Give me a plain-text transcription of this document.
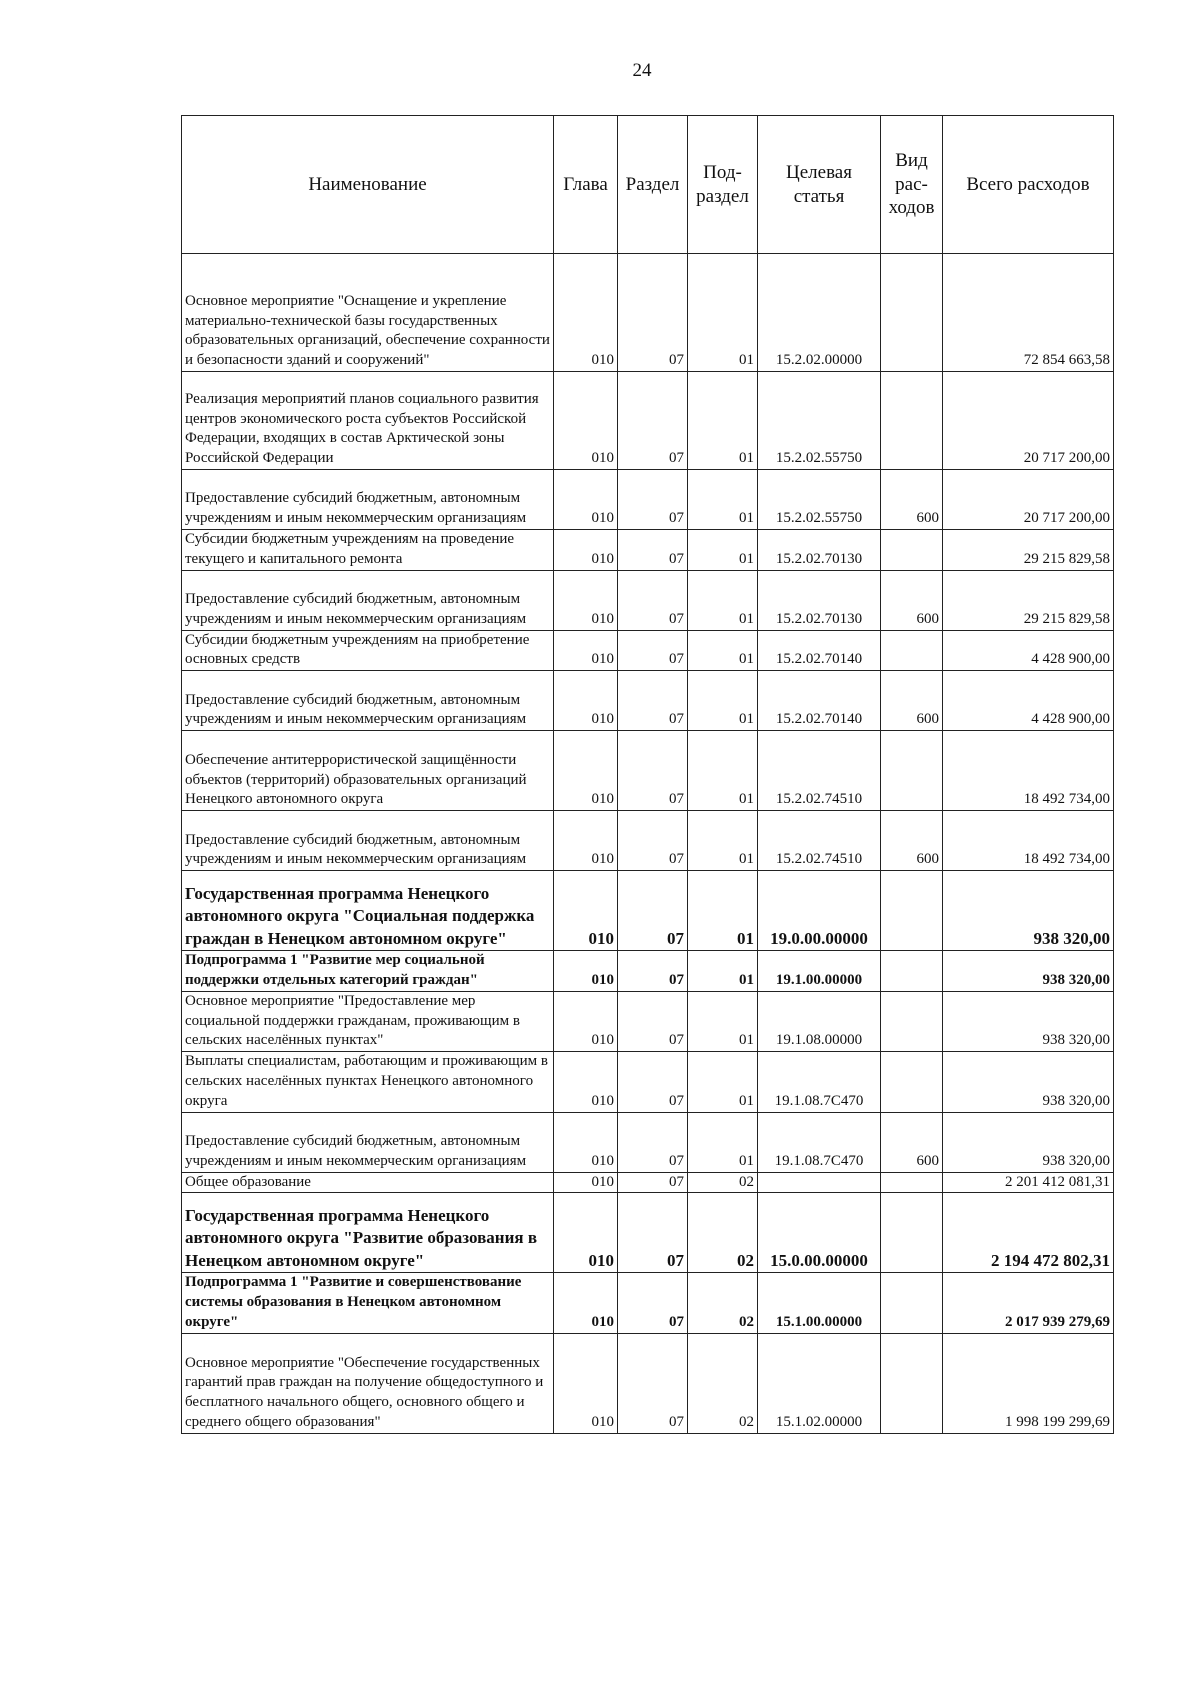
24
Наименование	Глава	Раздел	Под-раздел	Целевая статья	Вид рас-ходов	Всего расходов
Основное мероприятие "Оснащение и укрепление материально-технической базы государственных образовательных организаций, обеспечение сохранности и безопасности зданий и сооружений"	010	07	01	15.2.02.00000		72 854 663,58
Реализация мероприятий планов социального развития центров экономического роста субъектов Российской Федерации, входящих в состав Арктической зоны Российской Федерации	010	07	01	15.2.02.55750		20 717 200,00
Предоставление субсидий бюджетным, автономным учреждениям и иным некоммерческим организациям	010	07	01	15.2.02.55750	600	20 717 200,00
Субсидии бюджетным учреждениям на проведение текущего и капитального ремонта	010	07	01	15.2.02.70130		29 215 829,58
Предоставление субсидий бюджетным, автономным учреждениям и иным некоммерческим организациям	010	07	01	15.2.02.70130	600	29 215 829,58
Субсидии бюджетным учреждениям на приобретение основных средств	010	07	01	15.2.02.70140		4 428 900,00
Предоставление субсидий бюджетным, автономным учреждениям и иным некоммерческим организациям	010	07	01	15.2.02.70140	600	4 428 900,00
Обеспечение антитеррористической защищённости объектов (территорий) образовательных организаций Ненецкого автономного округа	010	07	01	15.2.02.74510		18 492 734,00
Предоставление субсидий бюджетным, автономным учреждениям и иным некоммерческим организациям	010	07	01	15.2.02.74510	600	18 492 734,00
Государственная программа Ненецкого автономного округа "Социальная поддержка граждан в Ненецком автономном округе"	010	07	01	19.0.00.00000		938 320,00
Подпрограмма 1 "Развитие мер социальной поддержки отдельных категорий граждан"	010	07	01	19.1.00.00000		938 320,00
Основное мероприятие "Предоставление мер социальной поддержки гражданам, проживающим в сельских населённых пунктах"	010	07	01	19.1.08.00000		938 320,00
Выплаты специалистам, работающим и проживающим в сельских населённых пунктах Ненецкого автономного округа	010	07	01	19.1.08.7С470		938 320,00
Предоставление субсидий бюджетным, автономным учреждениям и иным некоммерческим организациям	010	07	01	19.1.08.7С470	600	938 320,00
Общее образование	010	07	02			2 201 412 081,31
Государственная программа Ненецкого автономного округа "Развитие образования в Ненецком автономном округе"	010	07	02	15.0.00.00000		2 194 472 802,31
Подпрограмма 1 "Развитие и совершенствование системы образования в Ненецком автономном округе"	010	07	02	15.1.00.00000		2 017 939 279,69
Основное мероприятие "Обеспечение государственных гарантий прав граждан на получение общедоступного и бесплатного начального общего, основного общего и среднего общего образования"	010	07	02	15.1.02.00000		1 998 199 299,69
